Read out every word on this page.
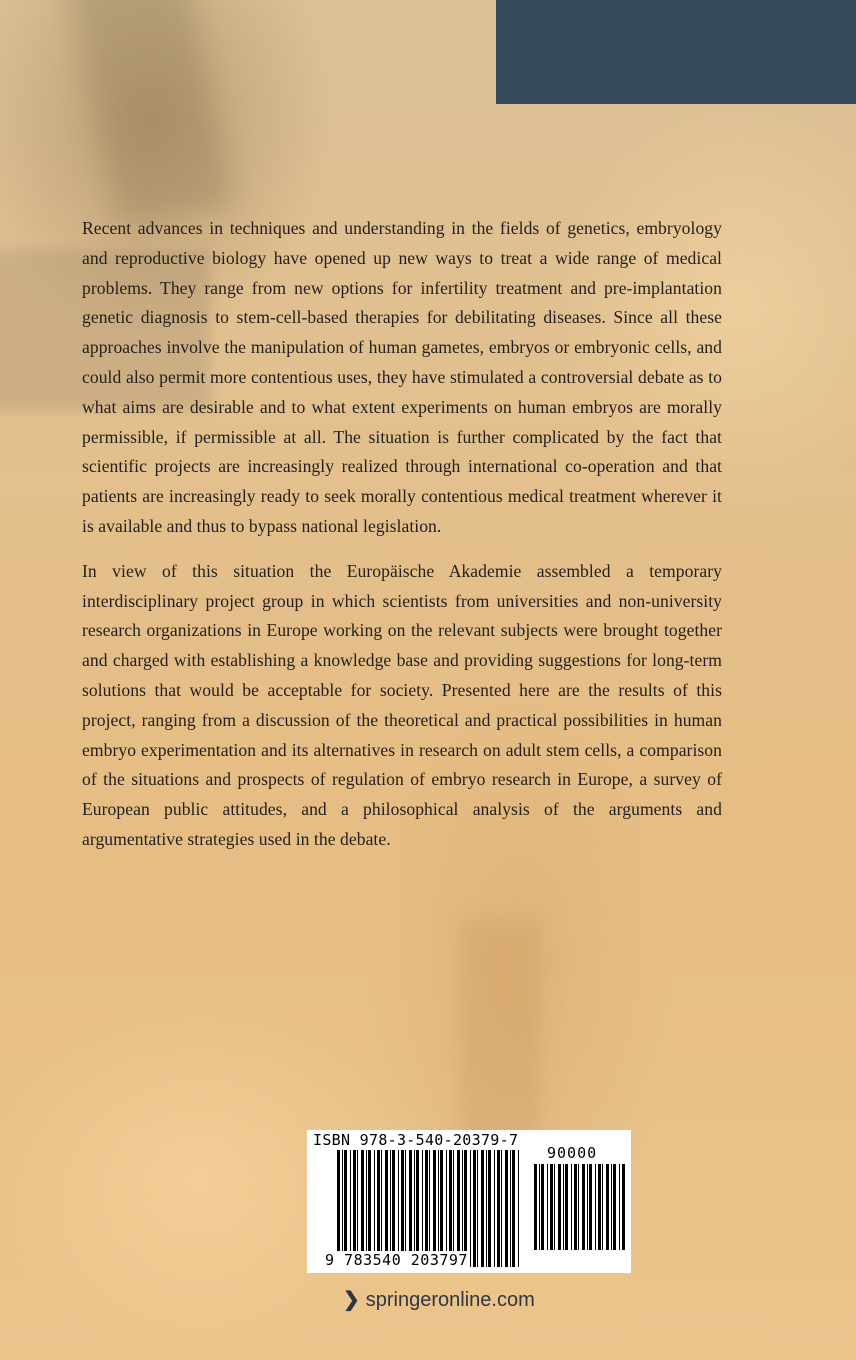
Recent advances in techniques and understanding in the fields of genetics, embryology and reproductive biology have opened up new ways to treat a wide range of medical problems. They range from new options for infertility treatment and pre-implantation genetic diagnosis to stem-cell-based therapies for debilitating diseases. Since all these approaches involve the manipulation of human gametes, embryos or embryonic cells, and could also permit more contentious uses, they have stimulated a controversial debate as to what aims are desirable and to what extent experiments on human embryos are morally permissible, if permissible at all. The situation is further complicated by the fact that scientific projects are increasingly realized through international co-operation and that patients are increasingly ready to seek morally contentious medical treatment wherever it is available and thus to bypass national legislation.

In view of this situation the Europäische Akademie assembled a temporary interdisciplinary project group in which scientists from universities and non-university research organizations in Europe working on the relevant subjects were brought together and charged with establishing a knowledge base and providing suggestions for long-term solutions that would be acceptable for society. Presented here are the results of this project, ranging from a discussion of the theoretical and practical possibilities in human embryo experimentation and its alternatives in research on adult stem cells, a comparison of the situations and prospects of regulation of embryo research in Europe, a survey of European public attitudes, and a philosophical analysis of the arguments and argumentative strategies used in the debate.

ISBN 978-3-540-20379-7
90000
9 783540 203797
❯ springeronline.com
